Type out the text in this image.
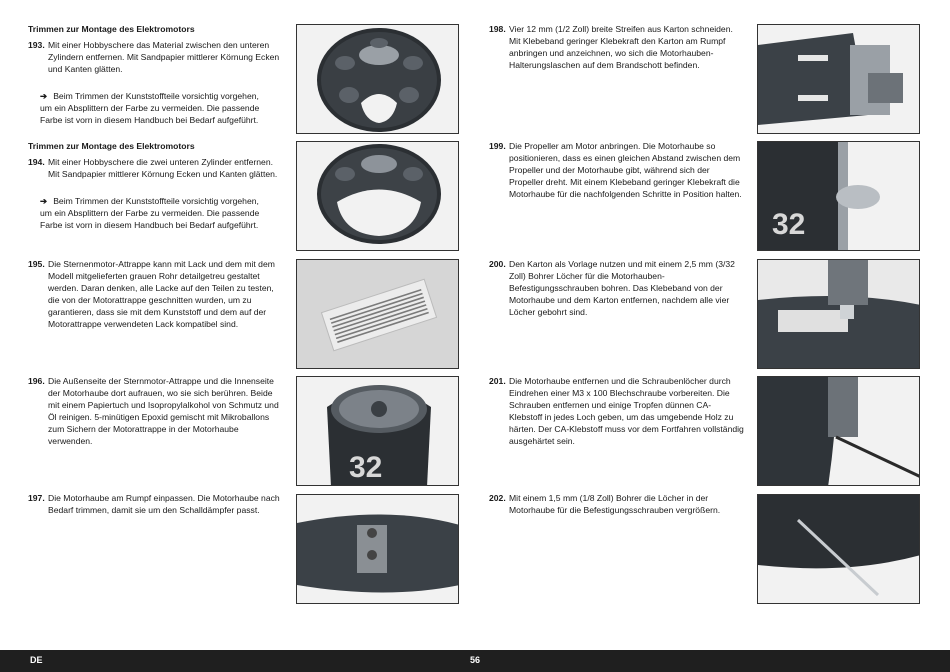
Trimmen zur Montage des Elektromotors
193. Mit einer Hobbyschere das Material zwischen den unteren Zylindern entfernen. Mit Sandpapier mittlerer Körnung Ecken und Kanten glätten.
➔ Beim Trimmen der Kunststoffteile vorsichtig vorgehen, um ein Absplittern der Farbe zu vermeiden. Die passende Farbe ist vorn in diesem Handbuch bei Bedarf aufgeführt.
Trimmen zur Montage des Elektromotors
194. Mit einer Hobbyschere die zwei unteren Zylinder entfernen. Mit Sandpapier mittlerer Körnung Ecken und Kanten glätten.
➔ Beim Trimmen der Kunststoffteile vorsichtig vorgehen, um ein Absplittern der Farbe zu vermeiden. Die passende Farbe ist vorn in diesem Handbuch bei Bedarf aufgeführt.
195. Die Sternenmotor-Attrappe kann mit Lack und dem mit dem Modell mitgelieferten grauen Rohr detailgetreu gestaltet werden. Daran denken, alle Lacke auf den Teilen zu testen, die von der Motorattrappe geschnitten wurden, um zu garantieren, dass sie mit dem Kunststoff und dem auf der Motorattrappe verwendeten Lack kompatibel sind.
196. Die Außenseite der Sternmotor-Attrappe und die Innenseite der Motorhaube dort aufrauen, wo sie sich berühren. Beide mit einem Papiertuch und Isopropylalkohol von Schmutz und Öl reinigen. 5-minütigen Epoxid gemischt mit Mikroballons zum Sichern der Motorattrappe in der Motorhaube verwenden.
197. Die Motorhaube am Rumpf einpassen. Die Motorhaube nach Bedarf trimmen, damit sie um den Schalldämpfer passt.
198. Vier 12 mm (1/2 Zoll) breite Streifen aus Karton schneiden. Mit Klebeband geringer Klebekraft den Karton am Rumpf anbringen und anzeichnen, wo sich die Motorhauben-Halterungslaschen auf dem Brandschott befinden.
199. Die Propeller am Motor anbringen. Die Motorhaube so positionieren, dass es einen gleichen Abstand zwischen dem Propeller und der Motorhaube gibt, während sich der Propeller dreht. Mit einem Klebeband geringer Klebekraft die Motorhaube für die nachfolgenden Schritte in Position halten.
200. Den Karton als Vorlage nutzen und mit einem 2,5 mm (3/32 Zoll) Bohrer Löcher für die Motorhauben-Befestigungsschrauben bohren. Das Klebeband von der Motorhaube und dem Karton entfernen, nachdem alle vier Löcher gebohrt sind.
201. Die Motorhaube entfernen und die Schraubenlöcher durch Eindrehen einer M3 x 100 Blechschraube vorbereiten. Die Schrauben entfernen und einige Tropfen dünnen CA-Klebstoff in jedes Loch geben, um das umgebende Holz zu härten. Der CA-Klebstoff muss vor dem Fortfahren vollständig ausgehärtet sein.
202. Mit einem 1,5 mm (1/8 Zoll) Bohrer die Löcher in der Motorhaube für die Befestigungsschrauben vergrößern.
32
32
DE	56
